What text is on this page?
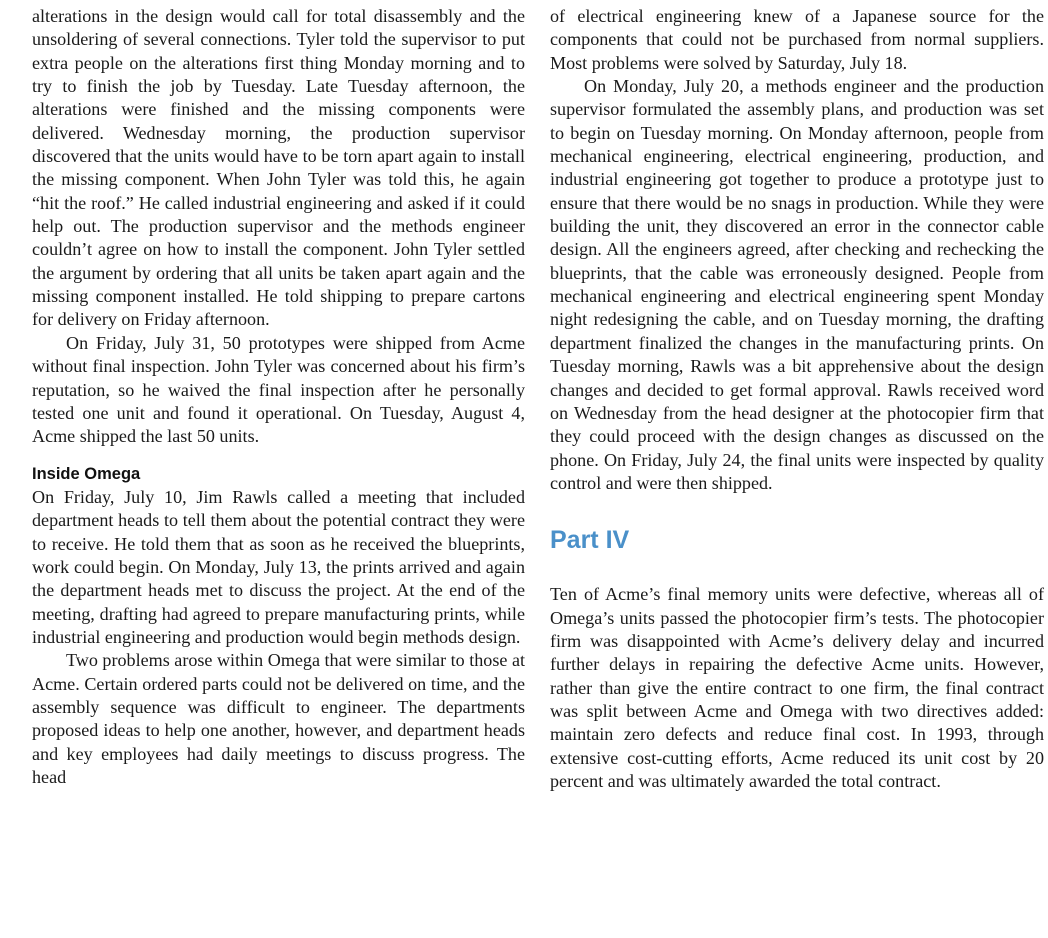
alterations in the design would call for total disassembly and the unsoldering of several connections. Tyler told the supervisor to put extra people on the alterations first thing Monday morning and to try to finish the job by Tuesday. Late Tuesday afternoon, the alterations were finished and the missing components were delivered. Wednesday morning, the production supervisor discovered that the units would have to be torn apart again to install the missing component. When John Tyler was told this, he again “hit the roof.” He called industrial engineering and asked if it could help out. The production supervisor and the methods engineer couldn’t agree on how to install the component. John Tyler settled the argument by ordering that all units be taken apart again and the missing component installed. He told shipping to prepare cartons for delivery on Friday afternoon.

On Friday, July 31, 50 prototypes were shipped from Acme without final inspection. John Tyler was concerned about his firm’s reputation, so he waived the final inspection after he personally tested one unit and found it operational. On Tuesday, August 4, Acme shipped the last 50 units.

Inside Omega

On Friday, July 10, Jim Rawls called a meeting that included department heads to tell them about the potential contract they were to receive. He told them that as soon as he received the blueprints, work could begin. On Monday, July 13, the prints arrived and again the department heads met to discuss the project. At the end of the meeting, drafting had agreed to prepare manufacturing prints, while industrial engineering and production would begin methods design.

Two problems arose within Omega that were similar to those at Acme. Certain ordered parts could not be delivered on time, and the assembly sequence was difficult to engineer. The departments proposed ideas to help one another, however, and department heads and key employees had daily meetings to discuss progress. The head

of electrical engineering knew of a Japanese source for the components that could not be purchased from normal suppliers. Most problems were solved by Saturday, July 18.

On Monday, July 20, a methods engineer and the production supervisor formulated the assembly plans, and production was set to begin on Tuesday morning. On Monday afternoon, people from mechanical engineering, electrical engineering, production, and industrial engineering got together to produce a prototype just to ensure that there would be no snags in production. While they were building the unit, they discovered an error in the connector cable design. All the engineers agreed, after checking and rechecking the blueprints, that the cable was erroneously designed. People from mechanical engineering and electrical engineering spent Monday night redesigning the cable, and on Tuesday morning, the drafting department finalized the changes in the manufacturing prints. On Tuesday morning, Rawls was a bit apprehensive about the design changes and decided to get formal approval. Rawls received word on Wednesday from the head designer at the photocopier firm that they could proceed with the design changes as discussed on the phone. On Friday, July 24, the final units were inspected by quality control and were then shipped.

Part IV

Ten of Acme’s final memory units were defective, whereas all of Omega’s units passed the photocopier firm’s tests. The photocopier firm was disappointed with Acme’s delivery delay and incurred further delays in repairing the defective Acme units. However, rather than give the entire contract to one firm, the final contract was split between Acme and Omega with two directives added: maintain zero defects and reduce final cost. In 1993, through extensive cost-cutting efforts, Acme reduced its unit cost by 20 percent and was ultimately awarded the total contract.
